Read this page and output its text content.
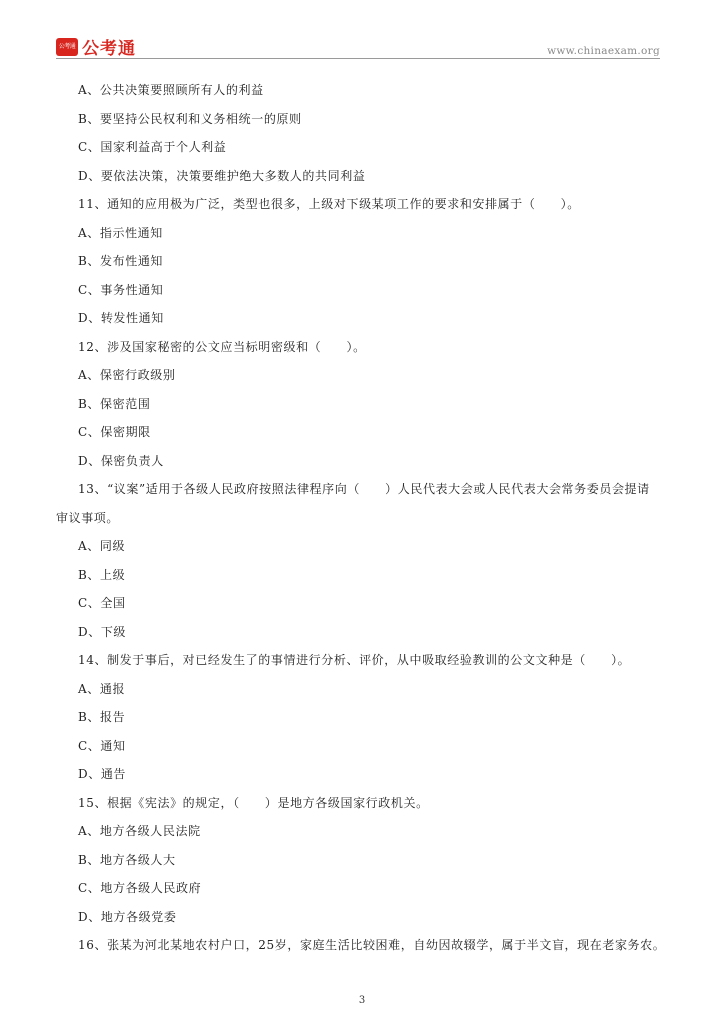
公考通 公考通	www.chinaexam.org
A、公共决策要照顾所有人的利益
B、要坚持公民权利和义务相统一的原则
C、国家利益高于个人利益
D、要依法决策，决策要维护绝大多数人的共同利益
11、通知的应用极为广泛，类型也很多，上级对下级某项工作的要求和安排属于（　　）。
A、指示性通知
B、发布性通知
C、事务性通知
D、转发性通知
12、涉及国家秘密的公文应当标明密级和（　　）。
A、保密行政级别
B、保密范围
C、保密期限
D、保密负责人
13、“议案”适用于各级人民政府按照法律程序向（　　）人民代表大会或人民代表大会常务委员会提请
审议事项。
A、同级
B、上级
C、全国
D、下级
14、制发于事后，对已经发生了的事情进行分析、评价，从中吸取经验教训的公文文种是（　　）。
A、通报
B、报告
C、通知
D、通告
15、根据《宪法》的规定，（　　）是地方各级国家行政机关。
A、地方各级人民法院
B、地方各级人大
C、地方各级人民政府
D、地方各级党委
16、张某为河北某地农村户口，25岁，家庭生活比较困难，自幼因故辍学，属于半文盲，现在老家务农。
3
